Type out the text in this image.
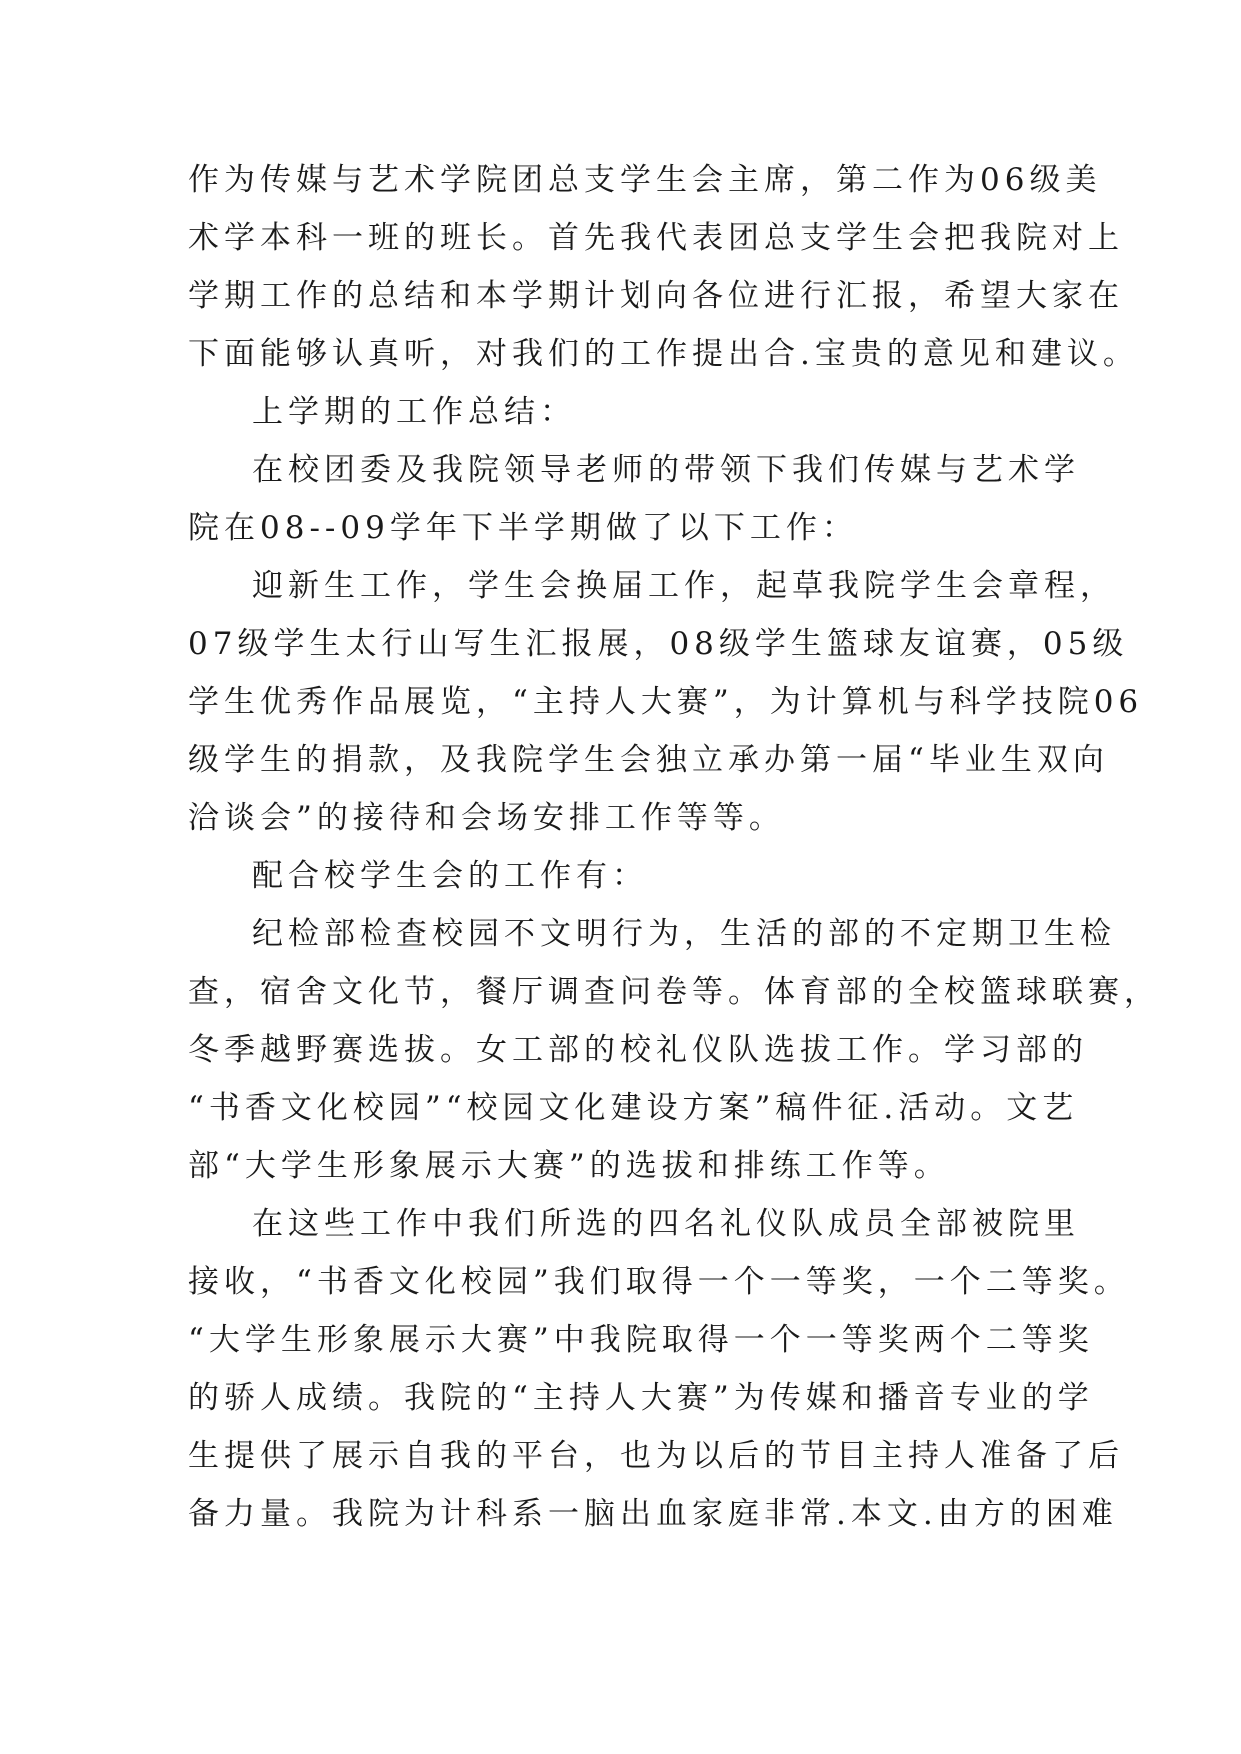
作为传媒与艺术学院团总支学生会主席，第二作为06级美
术学本科一班的班长。首先我代表团总支学生会把我院对上
学期工作的总结和本学期计划向各位进行汇报，希望大家在
下面能够认真听，对我们的工作提出合.宝贵的意见和建议。
上学期的工作总结：
在校团委及我院领导老师的带领下我们传媒与艺术学
院在08--09学年下半学期做了以下工作：
迎新生工作，学生会换届工作，起草我院学生会章程，
07级学生太行山写生汇报展，08级学生篮球友谊赛，05级
学生优秀作品展览，“主持人大赛”，为计算机与科学技院06
级学生的捐款，及我院学生会独立承办第一届“毕业生双向
洽谈会”的接待和会场安排工作等等。
配合校学生会的工作有：
纪检部检查校园不文明行为，生活的部的不定期卫生检
查，宿舍文化节，餐厅调查问卷等。体育部的全校篮球联赛，
冬季越野赛选拔。女工部的校礼仪队选拔工作。学习部的
“书香文化校园”“校园文化建设方案”稿件征.活动。文艺
部“大学生形象展示大赛”的选拔和排练工作等。
在这些工作中我们所选的四名礼仪队成员全部被院里
接收，“书香文化校园”我们取得一个一等奖，一个二等奖。
“大学生形象展示大赛”中我院取得一个一等奖两个二等奖
的骄人成绩。我院的“主持人大赛”为传媒和播音专业的学
生提供了展示自我的平台，也为以后的节目主持人准备了后
备力量。我院为计科系一脑出血家庭非常.本文.由方的困难
